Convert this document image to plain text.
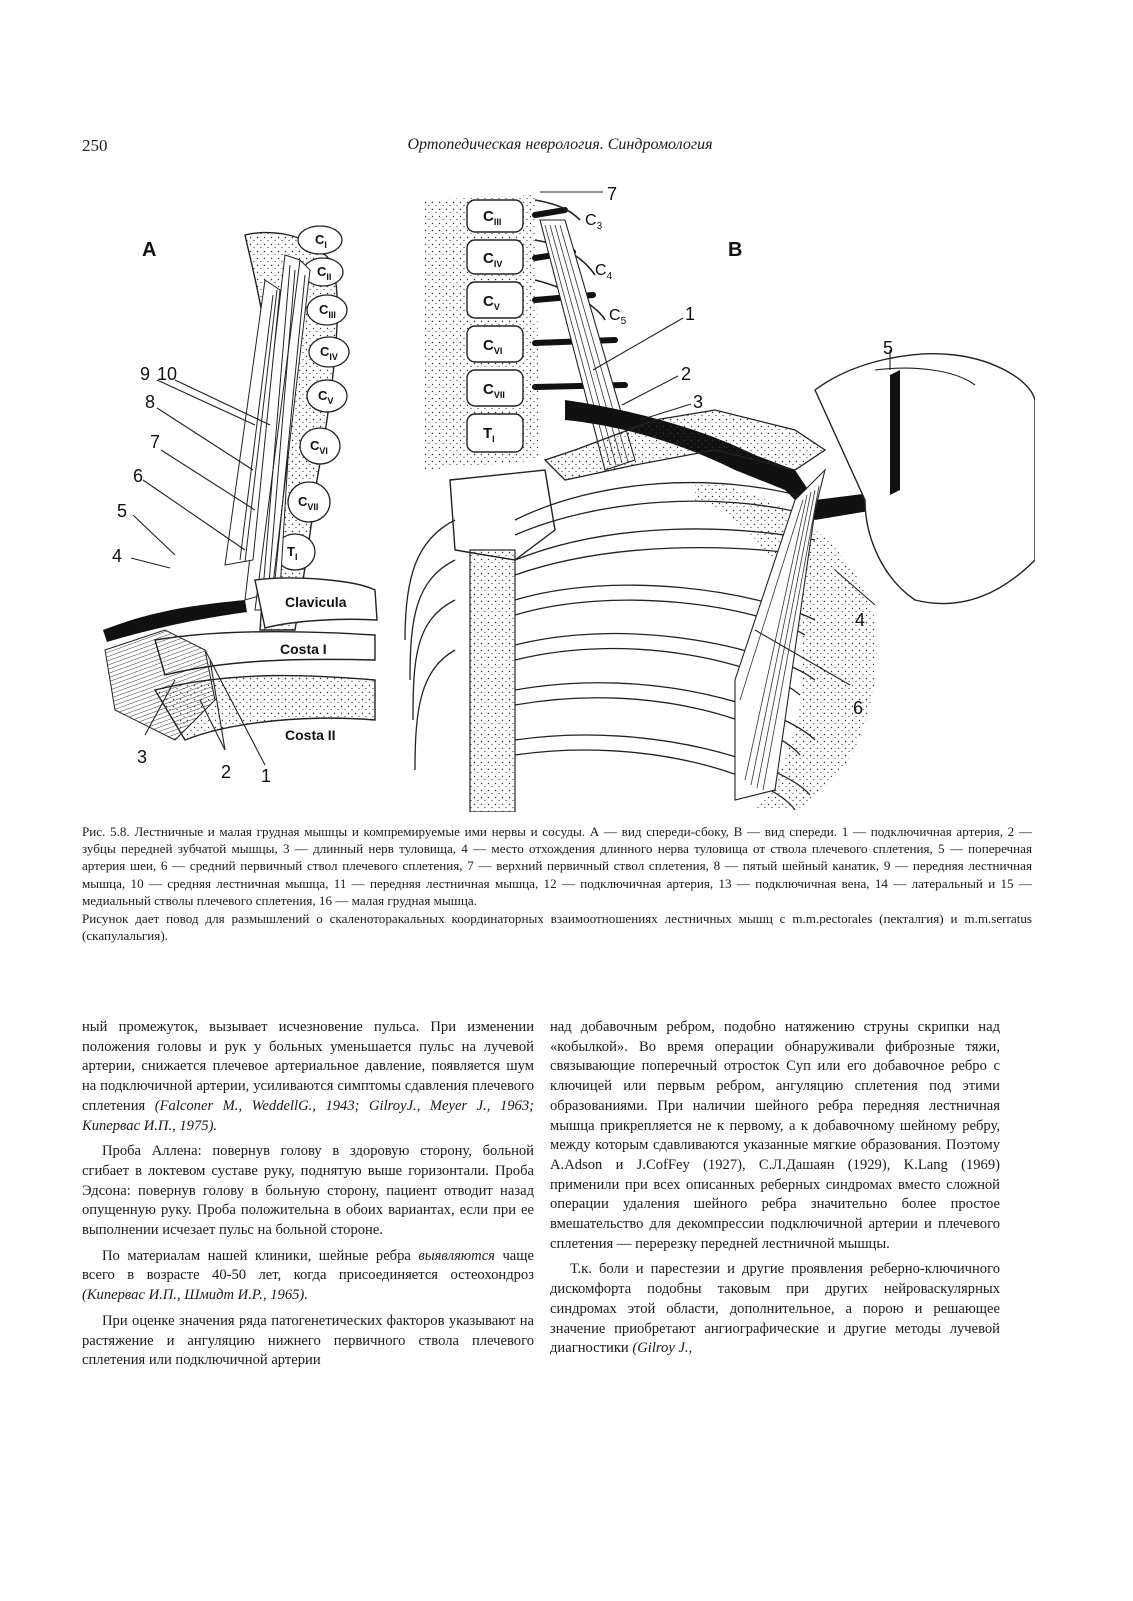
250	Ортопедическая неврология. Синдромология
A	$C_I$
$C_{II}$
$C_{III}$
$C_{IV}$
$C_V$
$C_{VI}$
$C_{VII}$
$T_I$
Clavicula
Costa I
Costa II
9 10
8
7
6
5
4
3
2 1
B
$C_{III}$
$C_{IV}$
$C_V$
$C_{VI}$
$C_{VII}$
$T_I$
$C_3$
$C_4$
$C_5$
7
1
2
3
5
4
6

Рис. 5.8. Лестничные и малая грудная мышцы и компремируемые ими нервы и сосуды. А — вид спереди-сбоку, В — вид спереди. 1 — подключичная артерия, 2 — зубцы передней зубчатой мышцы, 3 — длинный нерв туловища, 4 — место отхождения длинного нерва туловища от ствола плечевого сплетения, 5 — поперечная артерия шеи, 6 — средний первичный ствол плечевого сплетения, 7 — верхний первичный ствол сплетения, 8 — пятый шейный канатик, 9 — передняя лестничная мышца, 10 — средняя лестничная мышца, 11 — передняя лестничная мышца, 12 — подключичная артерия, 13 — подключичная вена, 14 — латеральный и 15 — медиальный стволы плечевого сплетения, 16 — малая грудная мышца.

Рисунок дает повод для размышлений о скаленоторакальных координаторных взаимоотношениях лестничных мышц с m.m.pectorales (пекталгия) и m.m.serratus (скапулальгия).

ный промежуток, вызывает исчезновение пульса. При изменении положения головы и рук у больных уменьшается пульс на лучевой артерии, снижается плечевое артериальное давление, появляется шум на подключичной артерии, усиливаются симптомы сдавления плечевого сплетения (Falconer M., WeddellG., 1943; GilroyJ., Meyer J., 1963; Кипервас И.П., 1975).

Проба Аллена: повернув голову в здоровую сторону, больной сгибает в локтевом суставе руку, поднятую выше горизонтали. Проба Эдсона: повернув голову в больную сторону, пациент отводит назад опущенную руку. Проба положительна в обоих вариантах, если при ее выполнении исчезает пульс на больной стороне.

По материалам нашей клиники, шейные ребра выявляются чаще всего в возрасте 40-50 лет, когда присоединяется остеохондроз (Кипервас И.П., Шмидт И.Р., 1965).

При оценке значения ряда патогенетических факторов указывают на растяжение и ангуляцию нижнего первичного ствола плечевого сплетения или подключичной артерии

над добавочным ребром, подобно натяжению струны скрипки над «кобылкой». Во время операции обнаруживали фиброзные тяжи, связывающие поперечный отросток Cуп или его добавочное ребро с ключицей или первым ребром, ангуляцию сплетения под этими образованиями. При наличии шейного ребра передняя лестничная мышца прикрепляется не к первому, а к добавочному шейному ребру, между которым сдавливаются указанные мягкие образования. Поэтому A.Adson и J.CofFey (1927), С.Л.Дашаян (1929), K.Lang (1969) применили при всех описанных реберных синдромах вместо сложной операции удаления шейного ребра значительно более простое вмешательство для декомпрессии подключичной артерии и плечевого сплетения — перерезку передней лестничной мышцы.

Т.к. боли и парестезии и другие проявления реберно-ключичного дискомфорта подобны таковым при других нейроваскулярных синдромах этой области, дополнительное, а порою и решающее значение приобретают ангиографические и другие методы лучевой диагностики (Gilroy J.,
